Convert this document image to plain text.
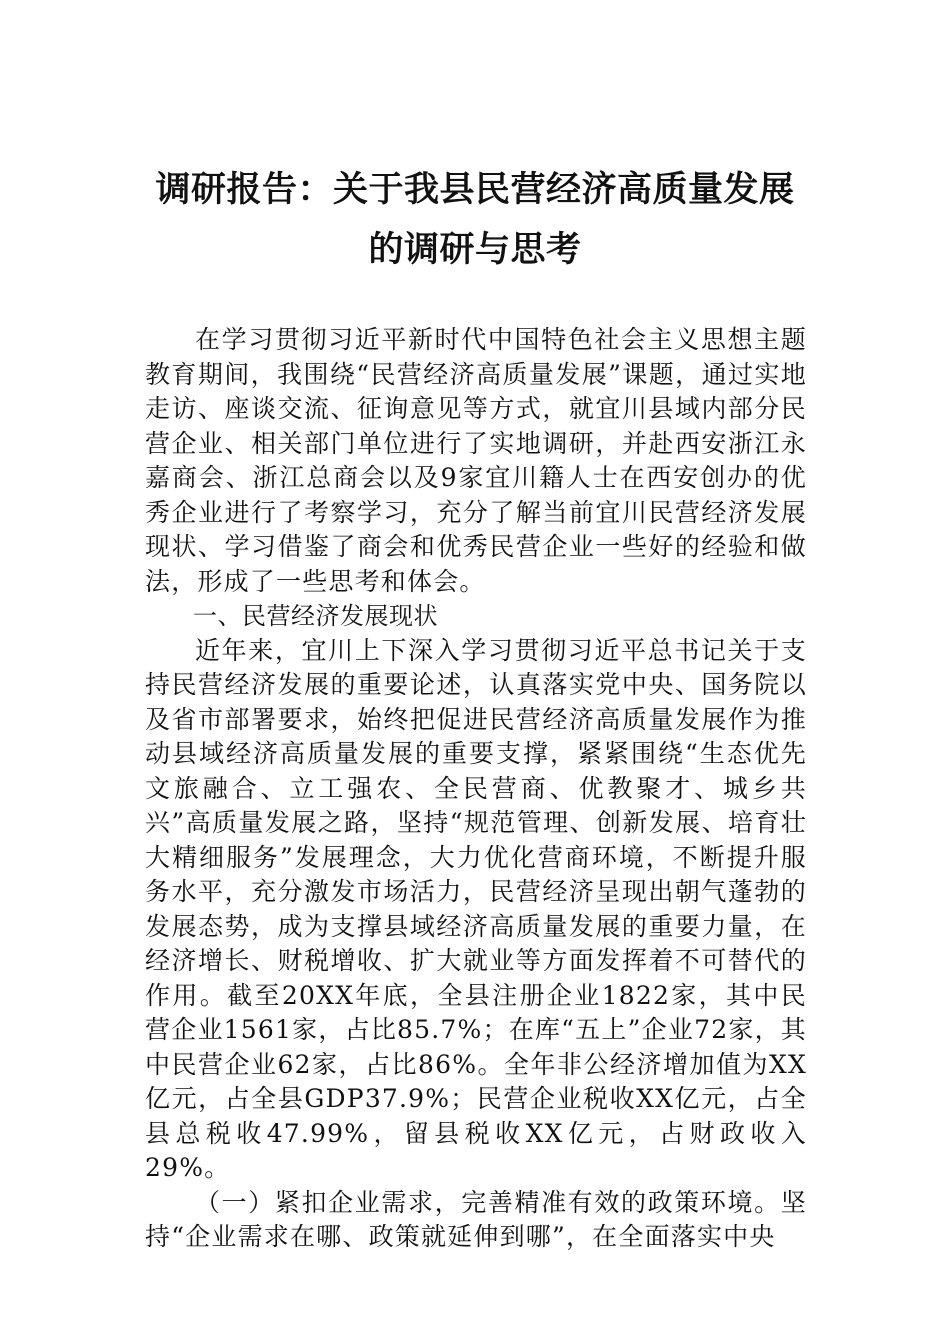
调研报告：关于我县民营经济高质量发展

的调研与思考

在学习贯彻习近平新时代中国特色社会主义思想主题教育期间，我围绕“民营经济高质量发展”课题，通过实地走访、座谈交流、征询意见等方式，就宜川县域内部分民营企业、相关部门单位进行了实地调研，并赴西安浙江永嘉商会、浙江总商会以及9家宜川籍人士在西安创办的优秀企业进行了考察学习，充分了解当前宜川民营经济发展现状、学习借鉴了商会和优秀民营企业一些好的经验和做法，形成了一些思考和体会。

一、民营经济发展现状

近年来，宜川上下深入学习贯彻习近平总书记关于支持民营经济发展的重要论述，认真落实党中央、国务院以及省市部署要求，始终把促进民营经济高质量发展作为推动县域经济高质量发展的重要支撑，紧紧围绕“生态优先文旅融合、立工强农、全民营商、优教聚才、城乡共兴”高质量发展之路，坚持“规范管理、创新发展、培育壮大精细服务”发展理念，大力优化营商环境，不断提升服务水平，充分激发市场活力，民营经济呈现出朝气蓬勃的发展态势，成为支撑县域经济高质量发展的重要力量，在经济增长、财税增收、扩大就业等方面发挥着不可替代的作用。截至20XX年底，全县注册企业1822家，其中民营企业1561家，占比85.7%；在库“五上”企业72家，其中民营企业62家，占比86%。全年非公经济增加值为XX亿元，占全县GDP37.9%；民营企业税收XX亿元，占全县总税收47.99%，留县税收XX亿元，占财政收入29%。

（一）紧扣企业需求，完善精准有效的政策环境。坚持“企业需求在哪、政策就延伸到哪”，在全面落实中央
